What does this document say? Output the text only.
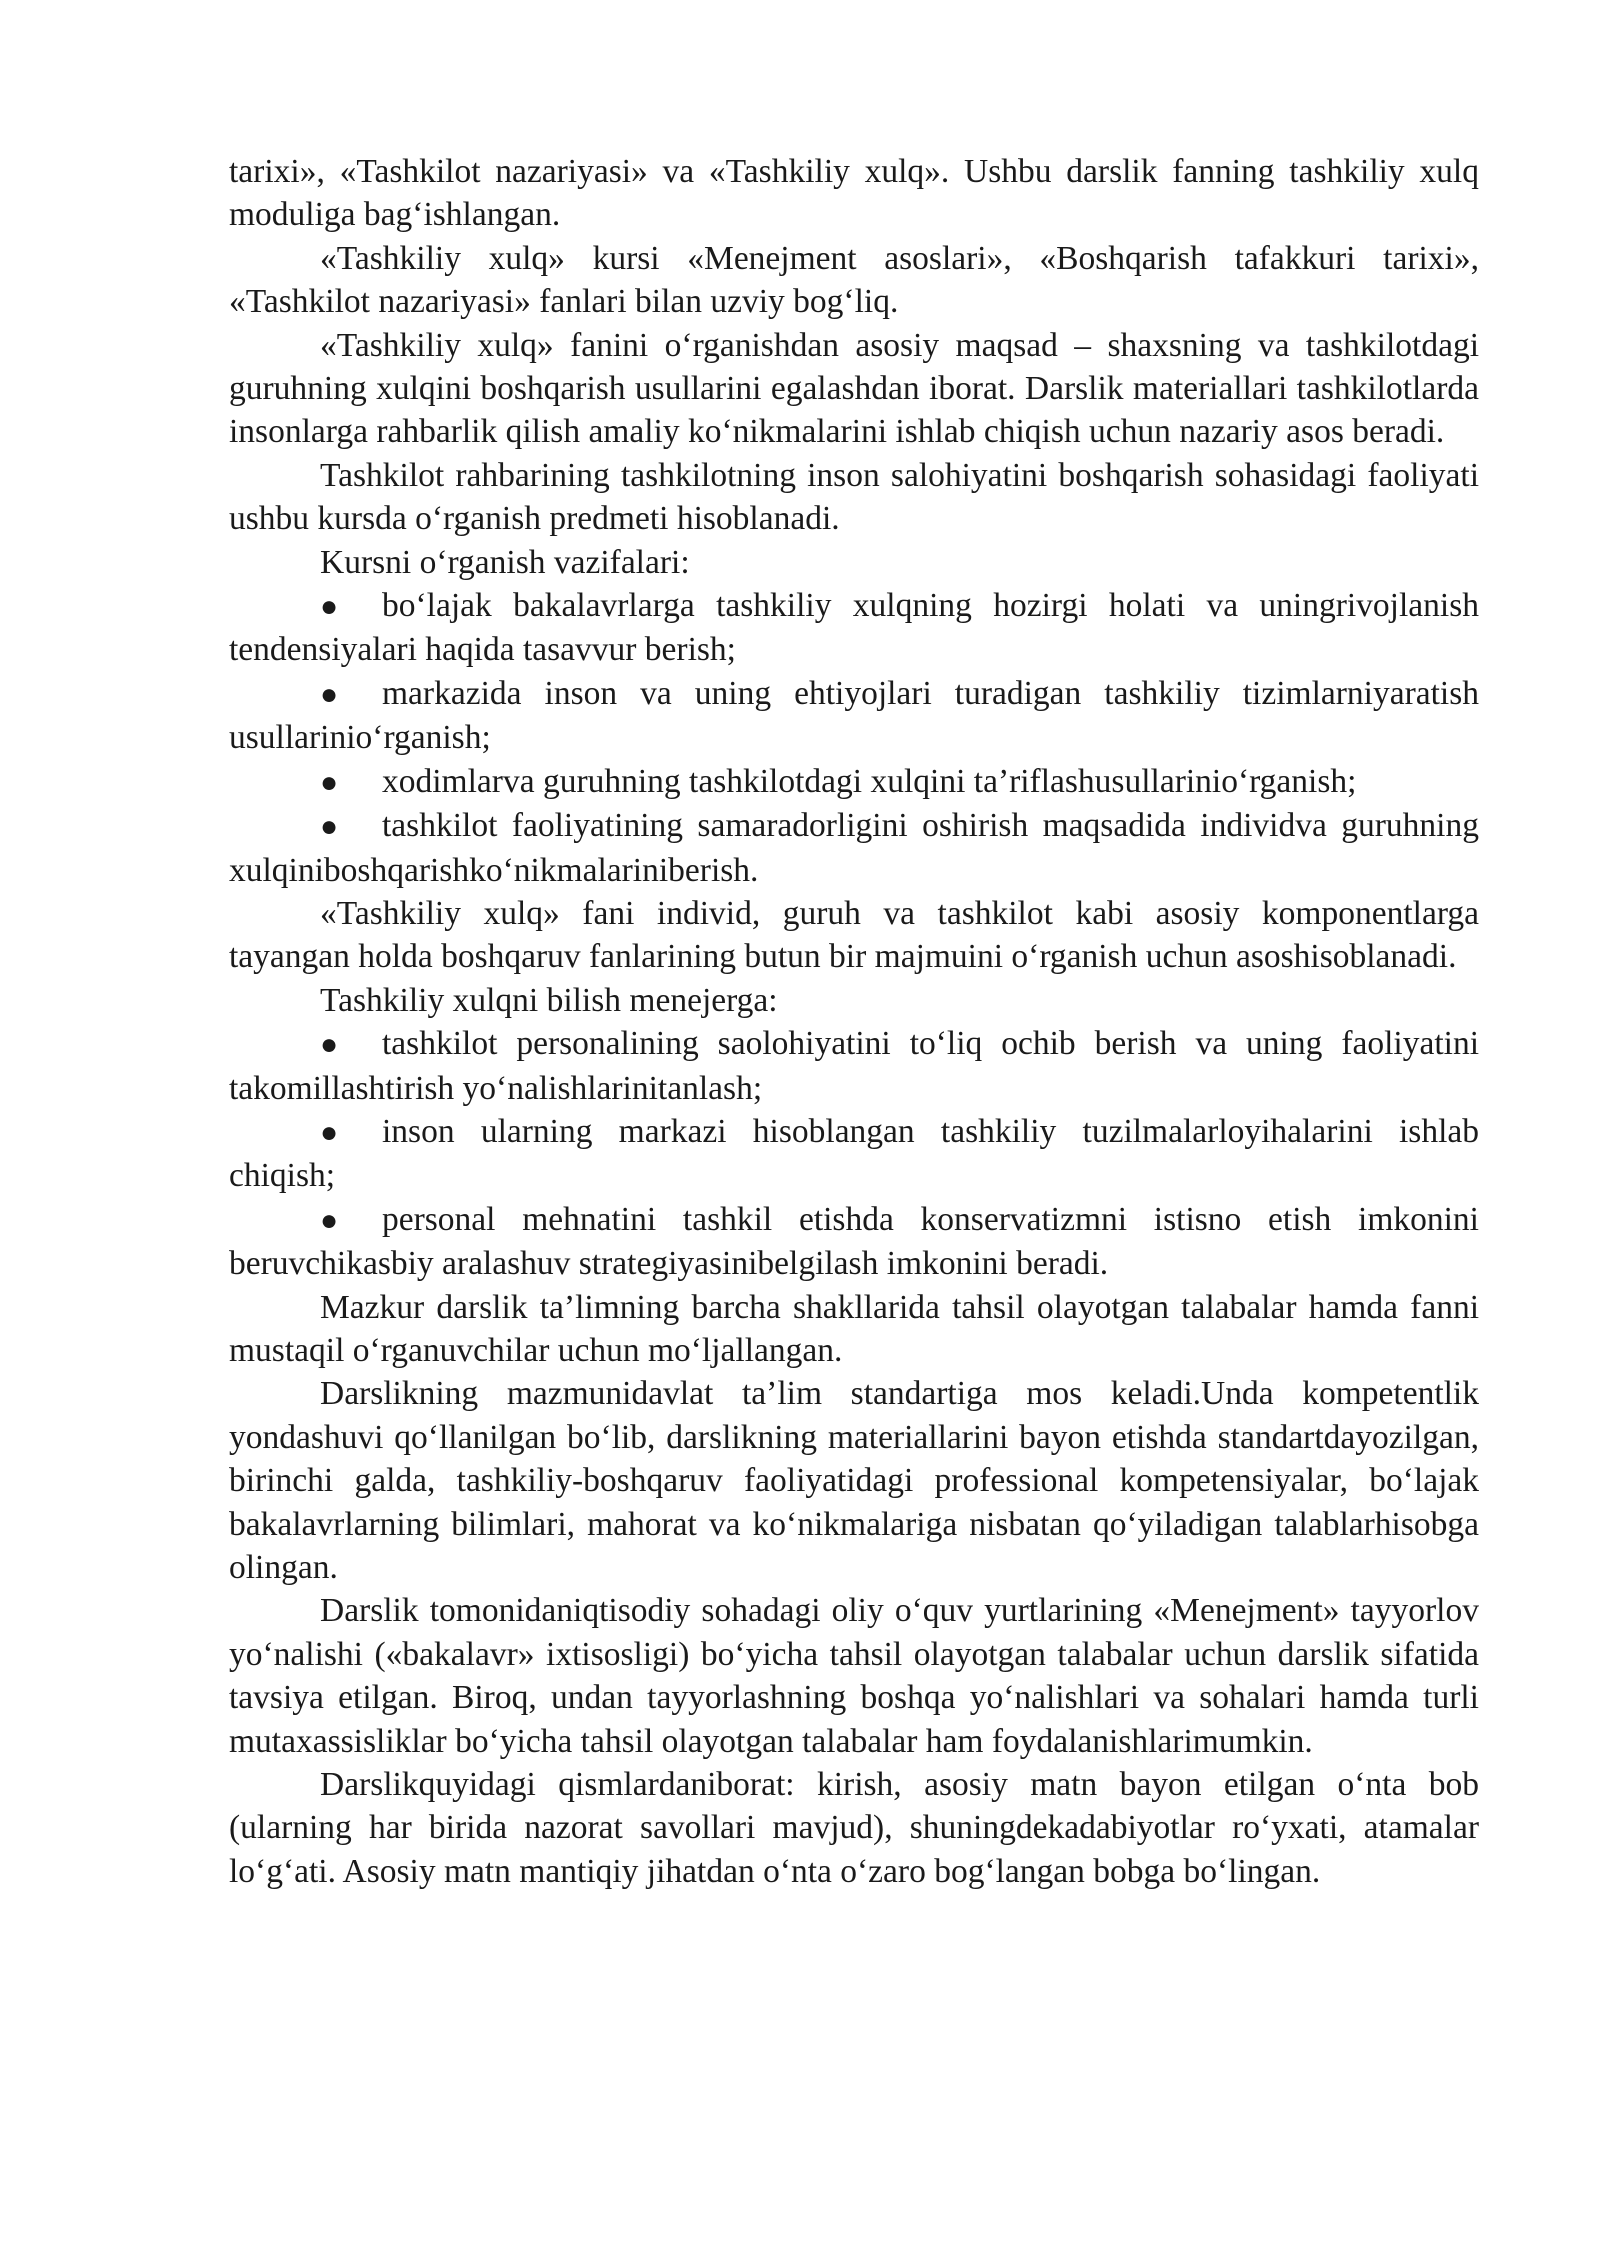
tarixi», «Tashkilot nazariyasi» va «Tashkiliy xulq». Ushbu darslik fanning tashkiliy xulq moduliga bag‘ishlangan.

«Tashkiliy xulq» kursi «Menejment asoslari», «Boshqarish tafakkuri tarixi», «Tashkilot nazariyasi» fanlari bilan uzviy bog‘liq.

«Tashkiliy xulq» fanini o‘rganishdan asosiy maqsad – shaxsning va tashkilotdagi guruhning xulqini boshqarish usullarini egalashdan iborat. Darslik materiallari tashkilotlarda insonlarga rahbarlik qilish amaliy ko‘nikmalarini ishlab chiqish uchun nazariy asos beradi.

Tashkilot rahbarining tashkilotning inson salohiyatini boshqarish sohasidagi faoliyati ushbu kursda o‘rganish predmeti hisoblanadi.

Kursni o‘rganish vazifalari:

● bo‘lajak bakalavrlarga tashkiliy xulqning hozirgi holati va uningrivojlanish tendensiyalari haqida tasavvur berish;

● markazida inson va uning ehtiyojlari turadigan tashkiliy tizimlarniyaratish usullarinio‘rganish;

● xodimlarva guruhning tashkilotdagi xulqini ta’riflashusullarinio‘rganish;

● tashkilot faoliyatining samaradorligini oshirish maqsadida individva guruhning xulqiniboshqarishko‘nikmalariniberish.

«Tashkiliy xulq» fani individ, guruh va tashkilot kabi asosiy komponentlarga tayangan holda boshqaruv fanlarining butun bir majmuini o‘rganish uchun asoshisoblanadi.

Tashkiliy xulqni bilish menejerga:

● tashkilot personalining saolohiyatini to‘liq ochib berish va uning faoliyatini takomillashtirish yo‘nalishlarinitanlash;

● inson ularning markazi hisoblangan tashkiliy tuzilmalarloyihalarini ishlab chiqish;

● personal mehnatini tashkil etishda konservatizmni istisno etish imkonini beruvchikasbiy aralashuv strategiyasinibelgilash imkonini beradi.

Mazkur darslik ta’limning barcha shakllarida tahsil olayotgan talabalar hamda fanni mustaqil o‘rganuvchilar uchun mo‘ljallangan.

Darslikning mazmunidavlat ta’lim standartiga mos keladi.Unda kompetentlik yondashuvi qo‘llanilgan bo‘lib, darslikning materiallarini bayon etishda standartdayozilgan, birinchi galda, tashkiliy-boshqaruv faoliyatidagi professional kompetensiyalar, bo‘lajak bakalavrlarning bilimlari, mahorat va ko‘nikmalariga nisbatan qo‘yiladigan talablarhisobga olingan.

Darslik tomonidaniqtisodiy sohadagi oliy o‘quv yurtlarining «Menejment» tayyorlov yo‘nalishi («bakalavr» ixtisosligi) bo‘yicha tahsil olayotgan talabalar uchun darslik sifatida tavsiya etilgan. Biroq, undan tayyorlashning boshqa yo‘nalishlari va sohalari hamda turli mutaxassisliklar bo‘yicha tahsil olayotgan talabalar ham foydalanishlarimumkin.

Darslikquyidagi qismlardaniborat: kirish, asosiy matn bayon etilgan o‘nta bob (ularning har birida nazorat savollari mavjud), shuningdekadabiyotlar ro‘yxati, atamalar lo‘g‘ati. Asosiy matn mantiqiy jihatdan o‘nta o‘zaro bog‘langan bobga bo‘lingan.
